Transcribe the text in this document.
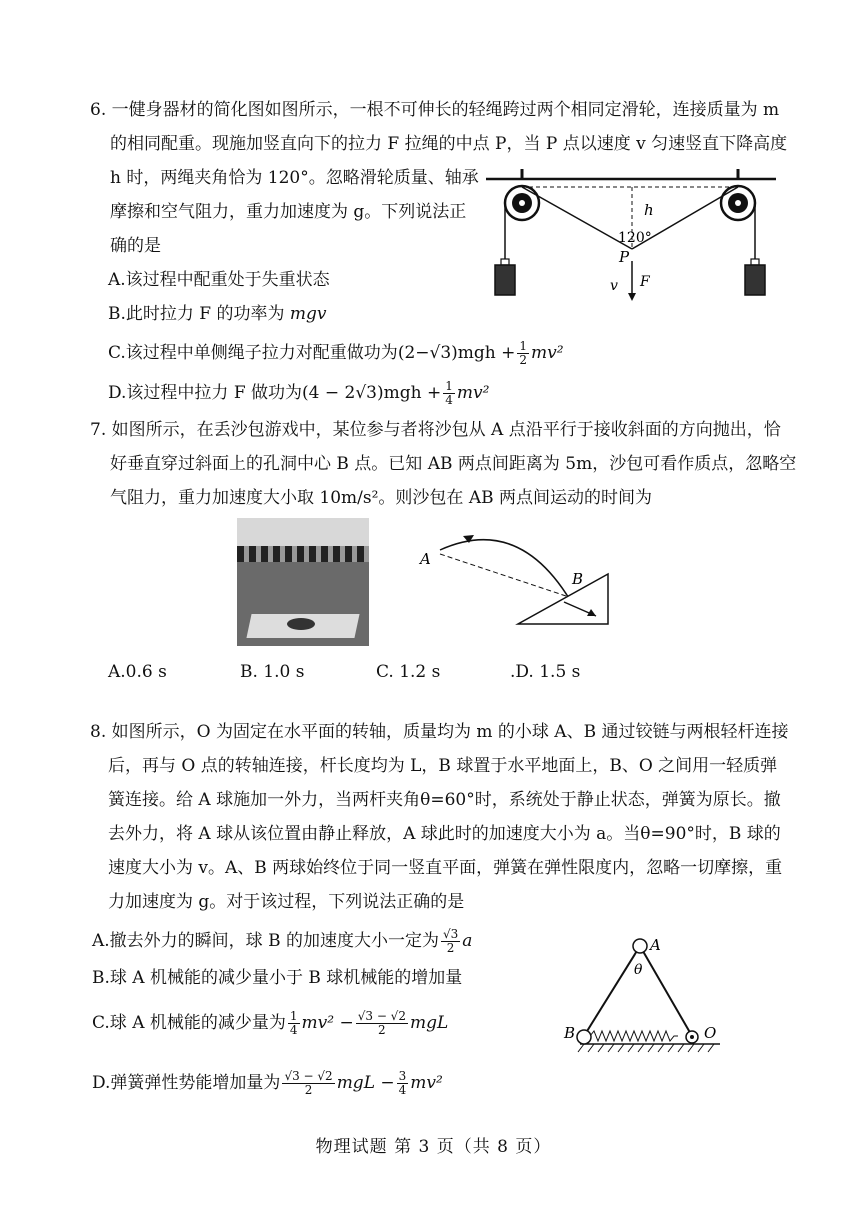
6. 一健身器材的简化图如图所示，一根不可伸长的轻绳跨过两个相同定滑轮，连接质量为 m
的相同配重。现施加竖直向下的拉力 F 拉绳的中点 P，当 P 点以速度 v 匀速竖直下降高度
h 时，两绳夹角恰为 120°。忽略滑轮质量、轴承
摩擦和空气阻力，重力加速度为 g。下列说法正
确的是
A.该过程中配重处于失重状态
B.此时拉力 F 的功率为 mgv
C.该过程中单侧绳子拉力对配重做功为$(2-√3)mgh + \frac{1}{2} mv^2$
D.该过程中拉力 F 做功为$(4 - 2√3)mgh + \frac{1}{4} mv^2$
h
120°
P
v F
7. 如图所示，在丢沙包游戏中，某位参与者将沙包从 A 点沿平行于接收斜面的方向抛出，恰
好垂直穿过斜面上的孔洞中心 B 点。已知 AB 两点间距离为 5m，沙包可看作质点，忽略空
气阻力，重力加速度大小取 10m/s²。则沙包在 AB 两点间运动的时间为
A
B
A.0.6 s	B. 1.0 s	C. 1.2 s	.D. 1.5 s
8. 如图所示，O 为固定在水平面的转轴，质量均为 m 的小球 A、B 通过铰链与两根轻杆连接
后，再与 O 点的转轴连接，杆长度均为 L，B 球置于水平地面上，B、O 之间用一轻质弹
簧连接。给 A 球施加一外力，当两杆夹角θ=60°时，系统处于静止状态，弹簧为原长。撤
去外力，将 A 球从该位置由静止释放，A 球此时的加速度大小为 a。当θ=90°时，B 球的
速度大小为 v。A、B 两球始终位于同一竖直平面，弹簧在弹性限度内，忽略一切摩擦，重
力加速度为 g。对于该过程，下列说法正确的是
A.撤去外力的瞬间，球 B 的加速度大小一定为 $\frac{√3}{2}$ a
B.球 A 机械能的减少量小于 B 球机械能的增加量
C.球 A 机械能的减少量为 $\frac{1}{4} mv^2 - \frac{√3 - √2}{2}$ mgL
D.弹簧弹性势能增加量为 $\frac{√3 - √2}{2}$ mgL − $\frac{3}{4} mv^2$
A
θ
B	O
物理试题 第 3 页（共 8 页）
